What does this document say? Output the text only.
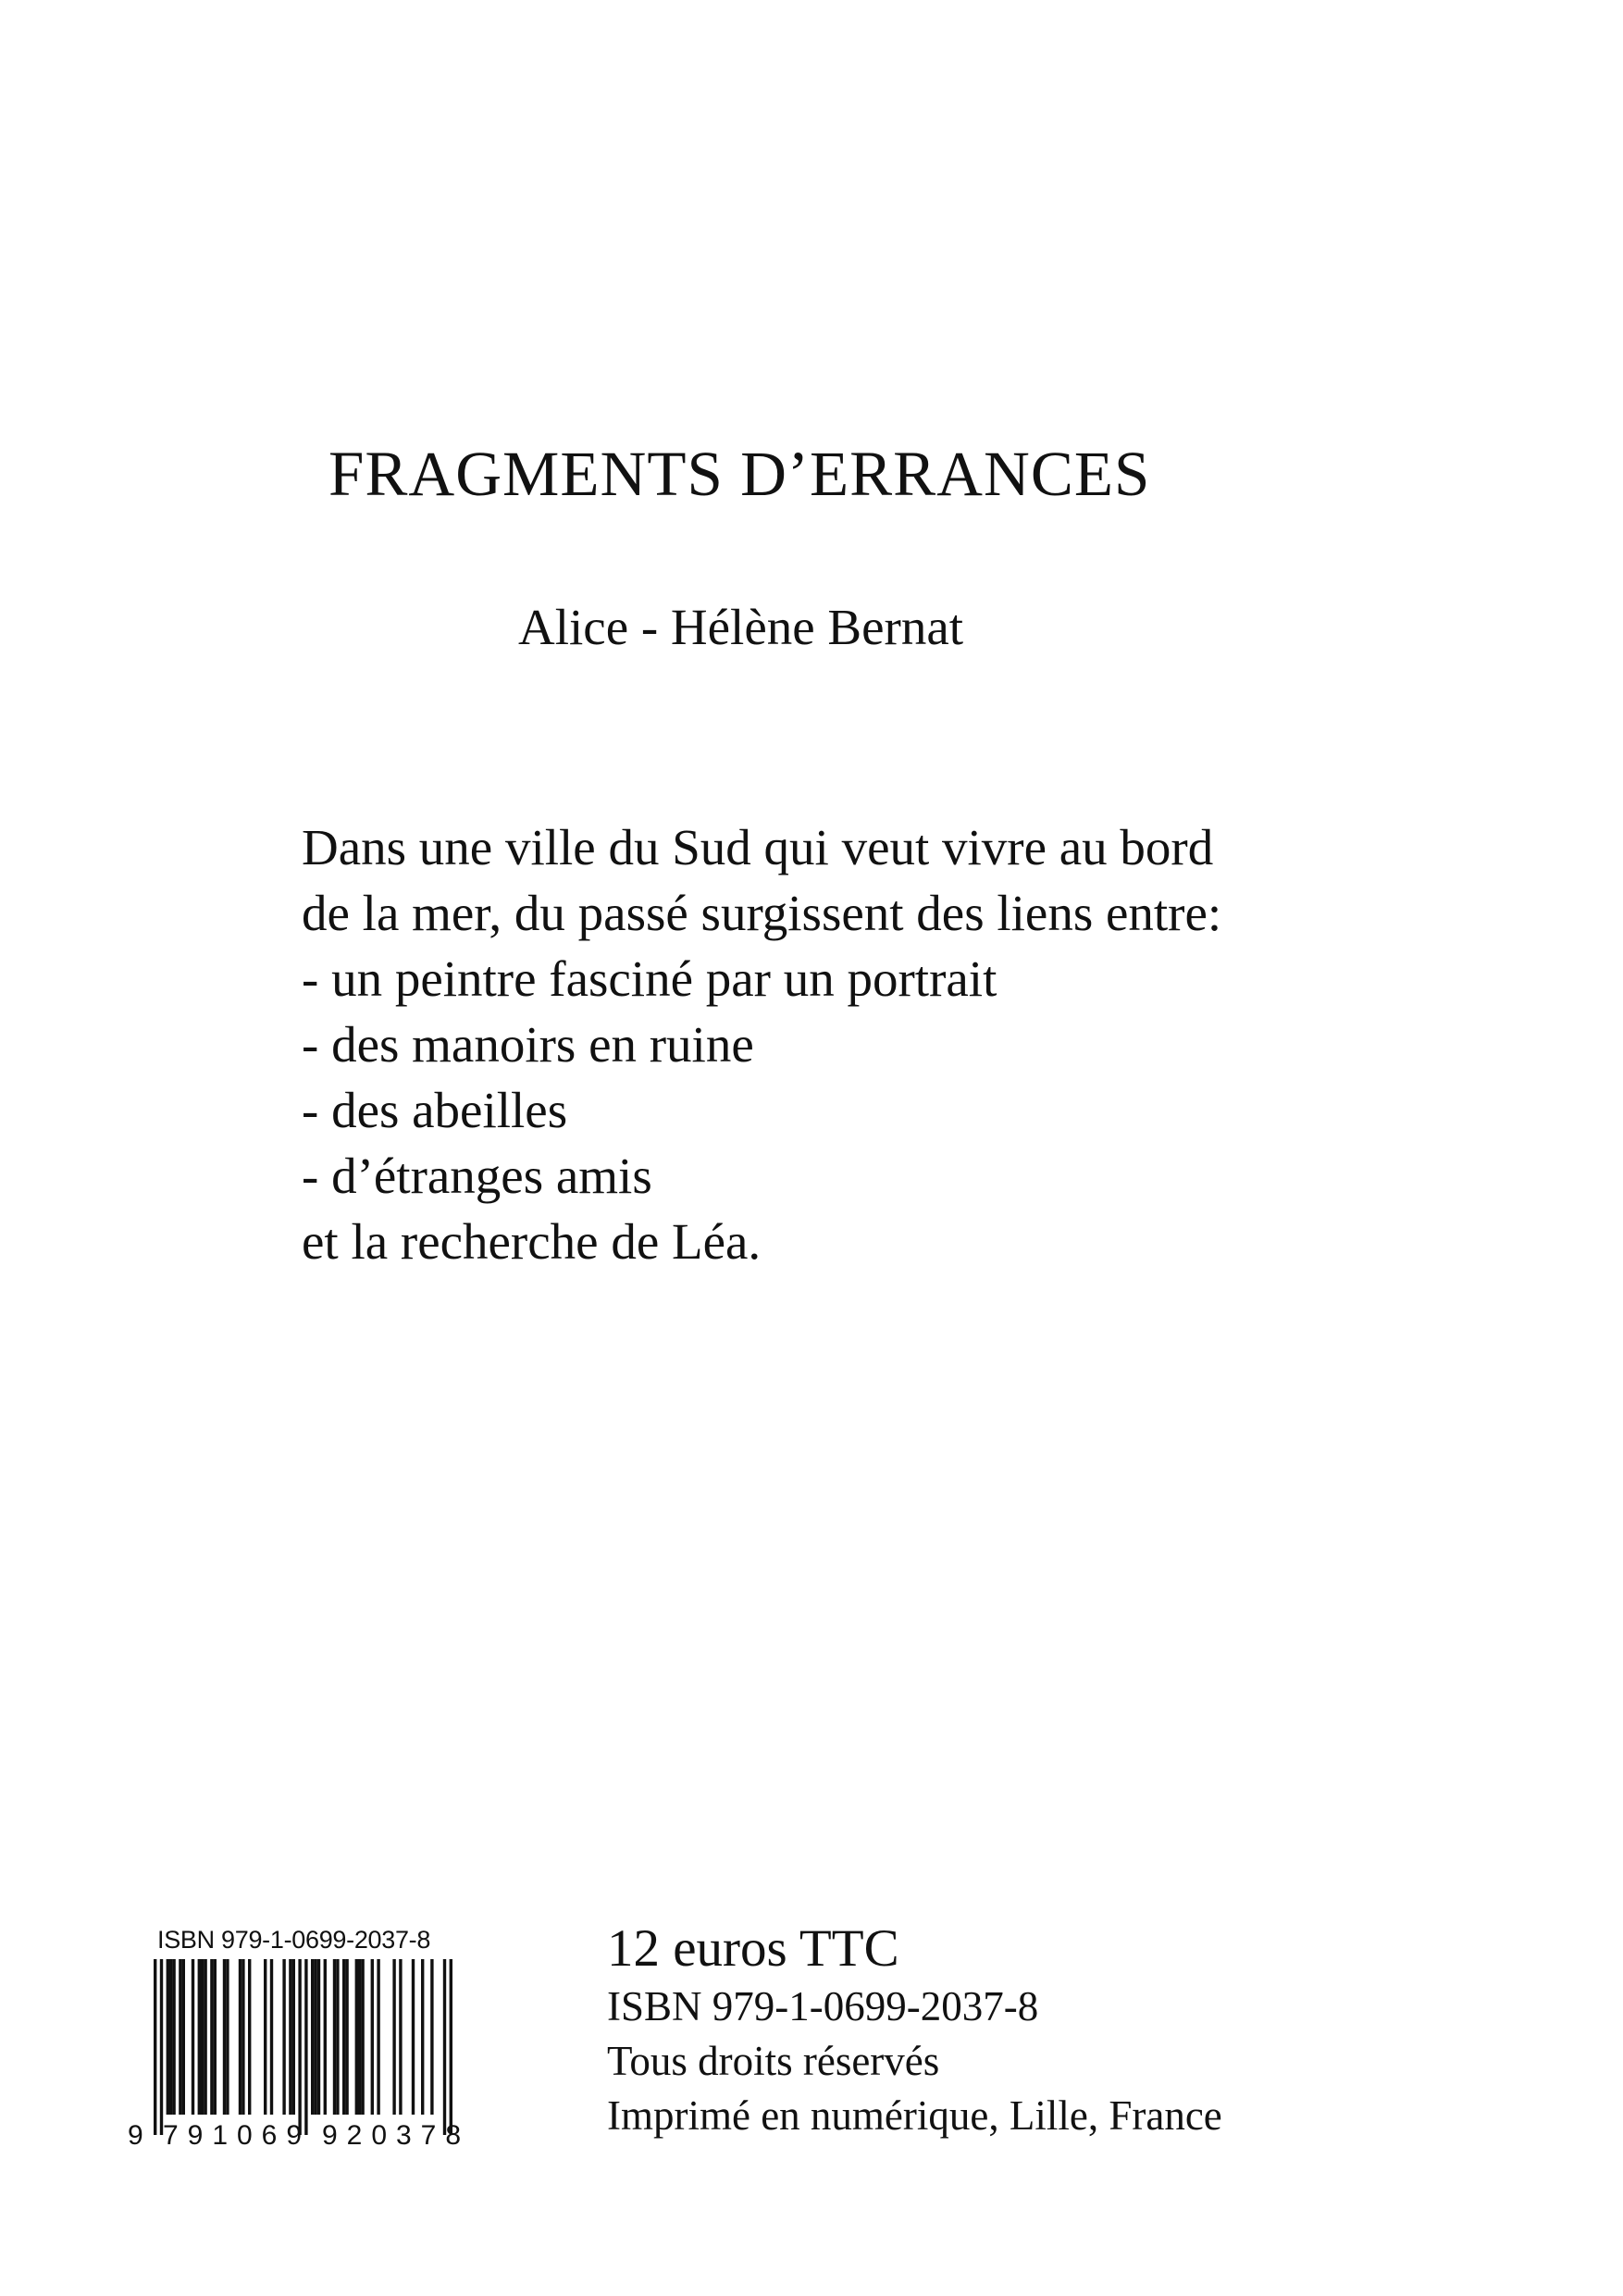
FRAGMENTS D’ERRANCES
Alice - Hélène Bernat
Dans une ville du Sud qui veut vivre au bord
de la mer, du passé surgissent des liens entre:
- un peintre fasciné par un portrait
- des manoirs en ruine
- des abeilles
- d’étranges amis
et la recherche de Léa.
ISBN 979-1-0699-2037-8
9 791069 920378
12 euros TTC
ISBN 979-1-0699-2037-8
Tous droits réservés
Imprimé en numérique, Lille, France
